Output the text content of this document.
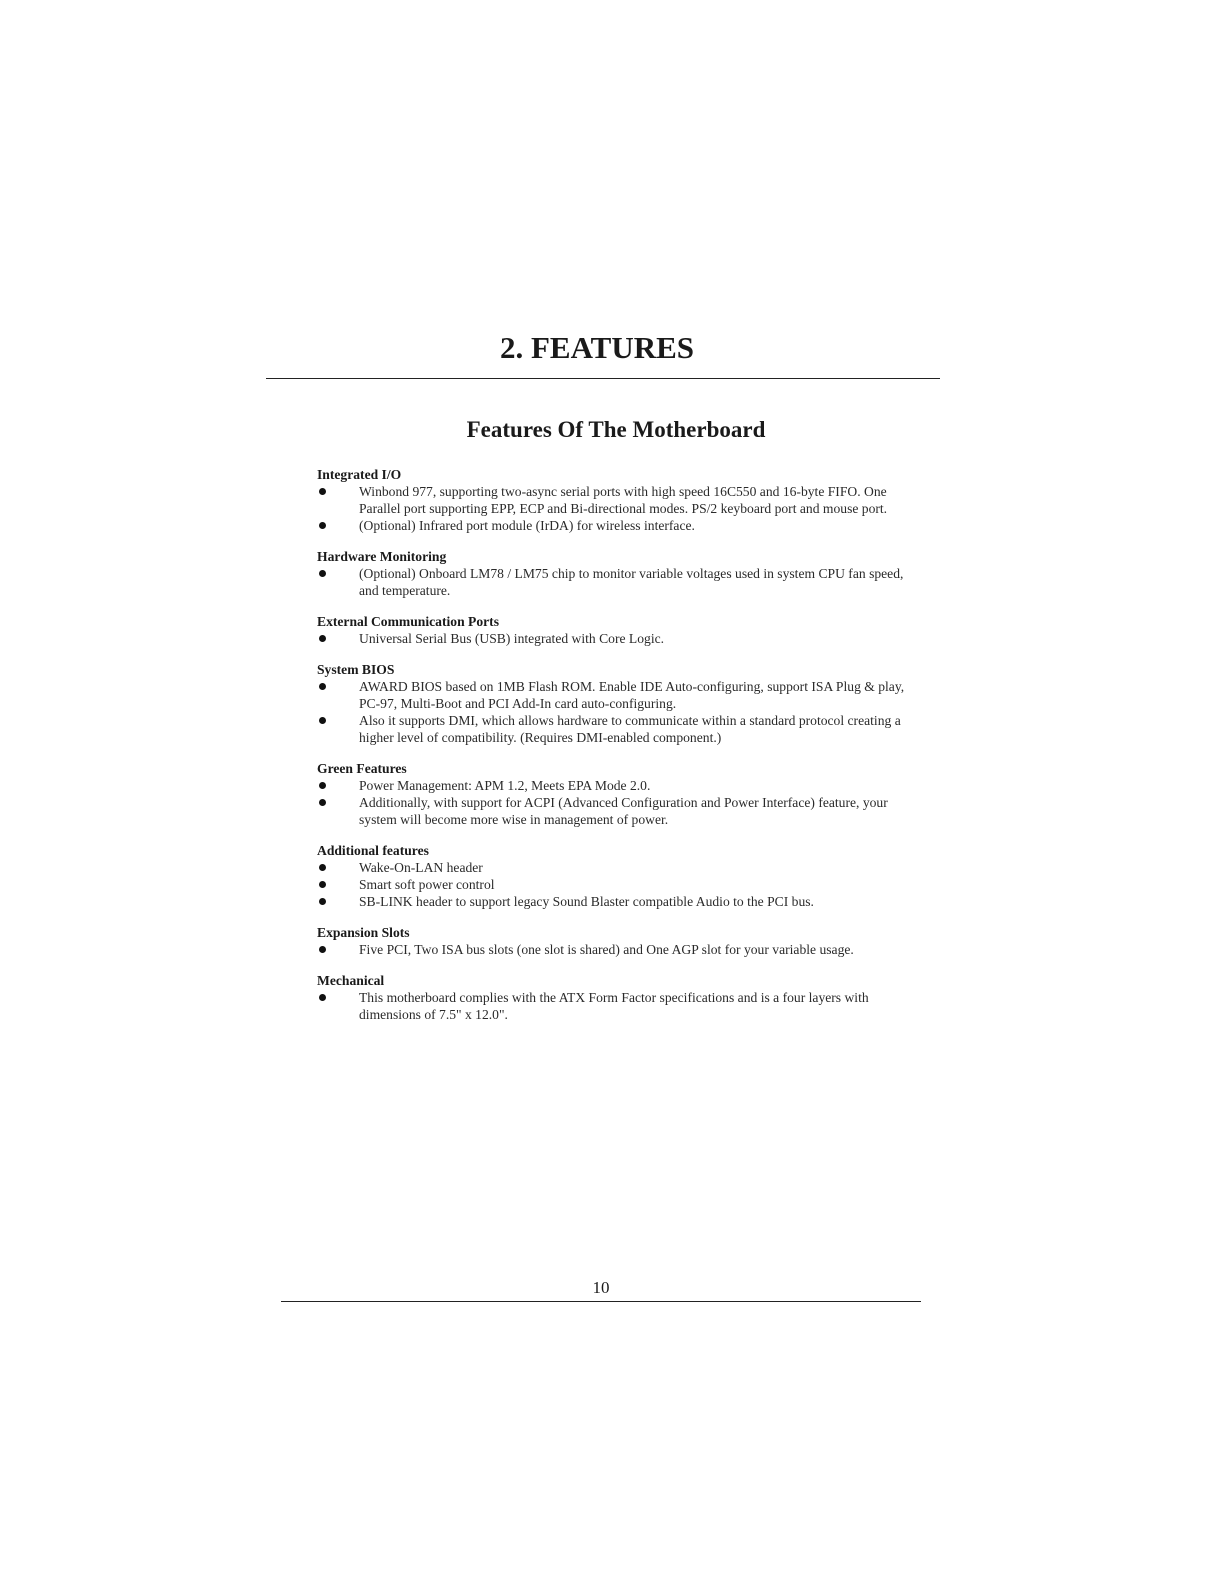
2. FEATURES
Features Of The Motherboard
Integrated I/O
Winbond 977, supporting two-async serial ports with high speed 16C550 and 16-byte FIFO. One Parallel port supporting EPP, ECP and Bi-directional modes. PS/2 keyboard port and mouse port.
(Optional) Infrared port module (IrDA) for wireless interface.
Hardware Monitoring
(Optional) Onboard LM78 / LM75 chip to monitor variable voltages used in system CPU fan speed, and temperature.
External Communication Ports
Universal Serial Bus (USB) integrated with Core Logic.
System BIOS
AWARD BIOS based on 1MB Flash ROM. Enable IDE Auto-configuring, support ISA Plug & play, PC-97, Multi-Boot and PCI Add-In card auto-configuring.
Also it supports DMI, which allows hardware to communicate within a standard protocol creating a higher level of compatibility. (Requires DMI-enabled component.)
Green Features
Power Management: APM 1.2, Meets EPA Mode 2.0.
Additionally, with support for ACPI (Advanced Configuration and Power Interface) feature, your system will become more wise in management of power.
Additional features
Wake-On-LAN header
Smart soft power control
SB-LINK header to support legacy Sound Blaster compatible Audio to the PCI bus.
Expansion Slots
Five PCI, Two ISA bus slots (one slot is shared) and One AGP slot for your variable usage.
Mechanical
This motherboard complies with the ATX Form Factor specifications and is a four layers with dimensions of 7.5" x 12.0".
10
